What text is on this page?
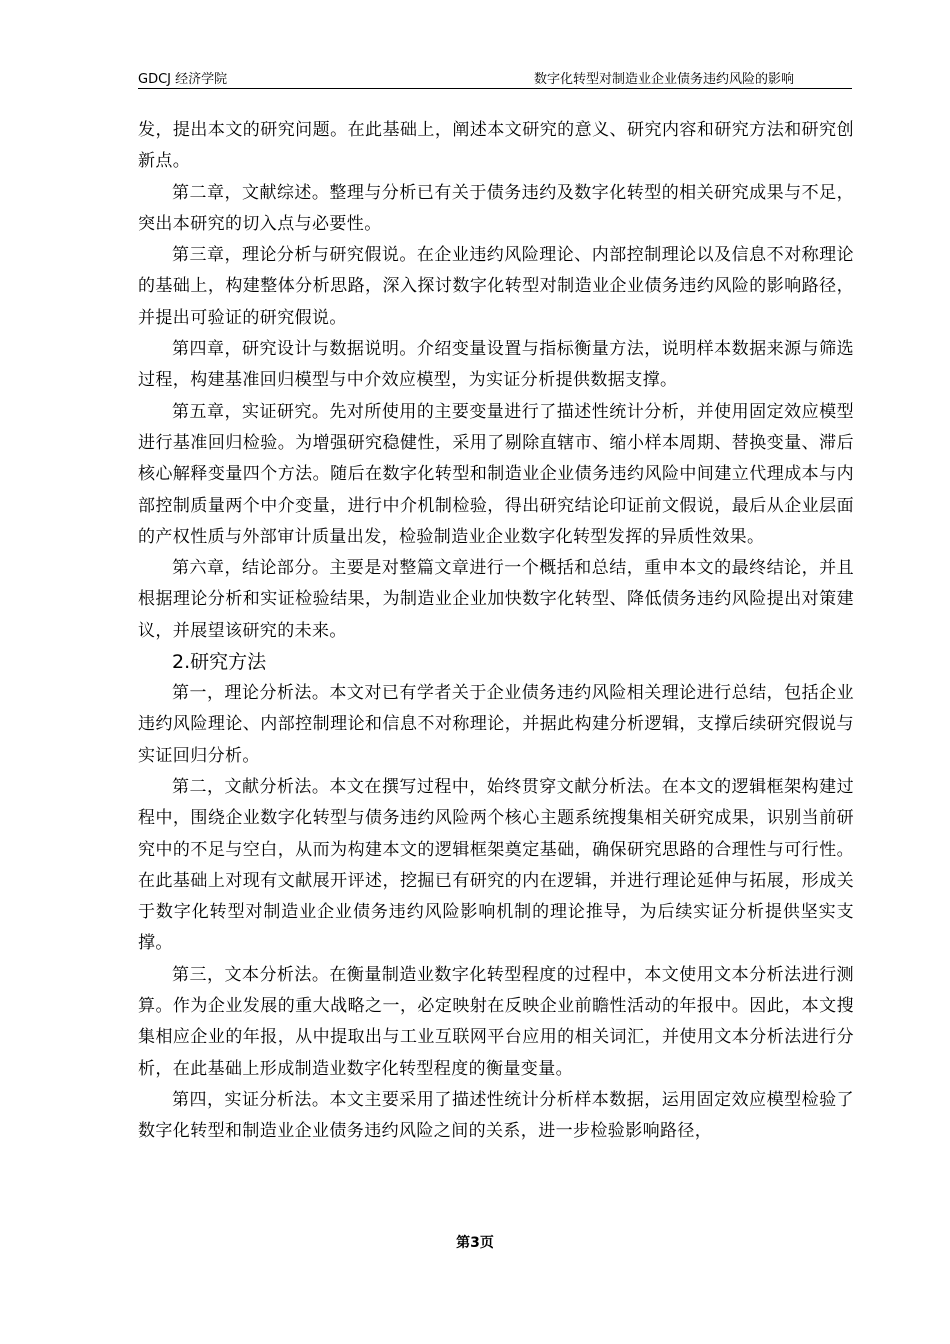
GDCJ 经济学院	数字化转型对制造业企业债务违约风险的影响

发，提出本文的研究问题。在此基础上，阐述本文研究的意义、研究内容和研究方法和研究创新点。

第二章，文献综述。整理与分析已有关于债务违约及数字化转型的相关研究成果与不足，突出本研究的切入点与必要性。

第三章，理论分析与研究假说。在企业违约风险理论、内部控制理论以及信息不对称理论的基础上，构建整体分析思路，深入探讨数字化转型对制造业企业债务违约风险的影响路径，并提出可验证的研究假说。

第四章，研究设计与数据说明。介绍变量设置与指标衡量方法，说明样本数据来源与筛选过程，构建基准回归模型与中介效应模型，为实证分析提供数据支撑。

第五章，实证研究。先对所使用的主要变量进行了描述性统计分析，并使用固定效应模型进行基准回归检验。为增强研究稳健性，采用了剔除直辖市、缩小样本周期、替换变量、滞后核心解释变量四个方法。随后在数字化转型和制造业企业债务违约风险中间建立代理成本与内部控制质量两个中介变量，进行中介机制检验，得出研究结论印证前文假说，最后从企业层面的产权性质与外部审计质量出发，检验制造业企业数字化转型发挥的异质性效果。

第六章，结论部分。主要是对整篇文章进行一个概括和总结，重申本文的最终结论，并且根据理论分析和实证检验结果，为制造业企业加快数字化转型、降低债务违约风险提出对策建议，并展望该研究的未来。

2.研究方法

第一，理论分析法。本文对已有学者关于企业债务违约风险相关理论进行总结，包括企业违约风险理论、内部控制理论和信息不对称理论，并据此构建分析逻辑，支撑后续研究假说与实证回归分析。

第二，文献分析法。本文在撰写过程中，始终贯穿文献分析法。在本文的逻辑框架构建过程中，围绕企业数字化转型与债务违约风险两个核心主题系统搜集相关研究成果，识别当前研究中的不足与空白，从而为构建本文的逻辑框架奠定基础，确保研究思路的合理性与可行性。在此基础上对现有文献展开评述，挖掘已有研究的内在逻辑，并进行理论延伸与拓展，形成关于数字化转型对制造业企业债务违约风险影响机制的理论推导，为后续实证分析提供坚实支撑。

第三，文本分析法。在衡量制造业数字化转型程度的过程中，本文使用文本分析法进行测算。作为企业发展的重大战略之一，必定映射在反映企业前瞻性活动的年报中。因此，本文搜集相应企业的年报，从中提取出与工业互联网平台应用的相关词汇，并使用文本分析法进行分析，在此基础上形成制造业数字化转型程度的衡量变量。

第四，实证分析法。本文主要采用了描述性统计分析样本数据，运用固定效应模型检验了数字化转型和制造业企业债务违约风险之间的关系，进一步检验影响路径，

第3页
